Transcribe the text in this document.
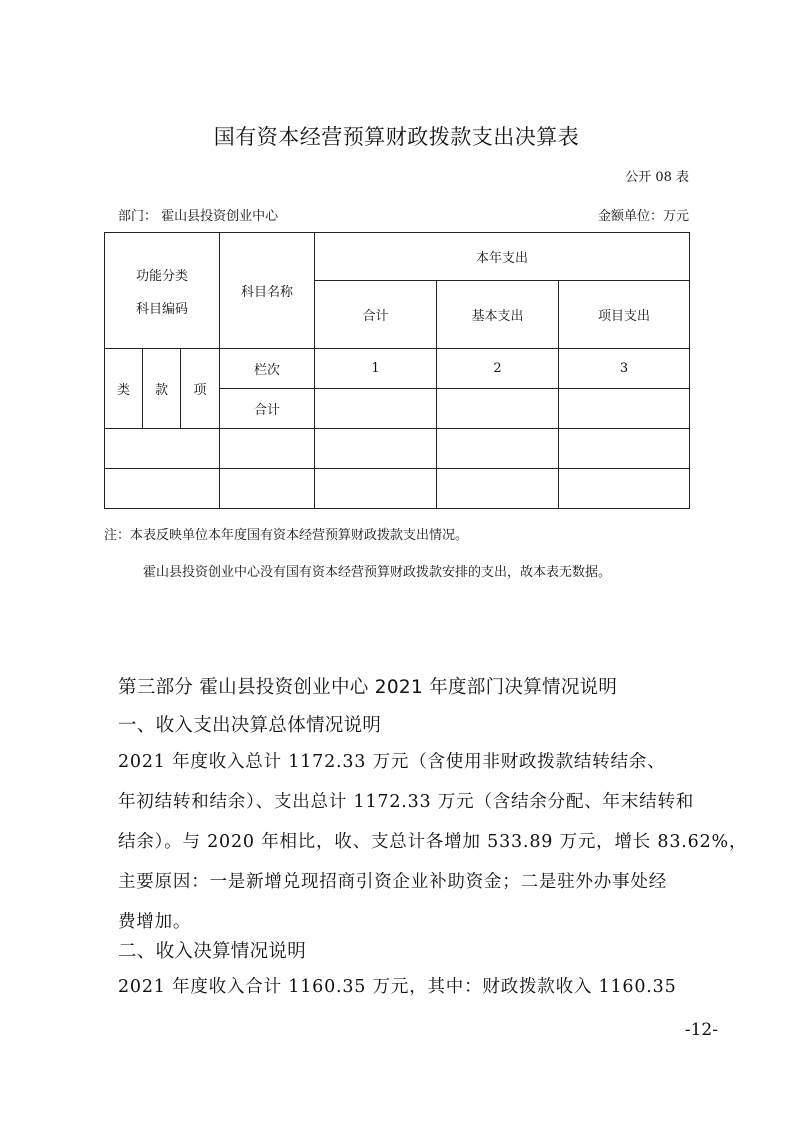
国有资本经营预算财政拨款支出决算表
公开 08 表
部门： 霍山县投资创业中心	金额单位：万元
功能分类
科目编码			科目名称	本年支出		
				合计	基本支出	项目支出
类	款	项	栏次	1	2	3
			合计			

注：本表反映单位本年度国有资本经营预算财政拨款支出情况。
霍山县投资创业中心没有国有资本经营预算财政拨款安排的支出，故本表无数据。
第三部分 霍山县投资创业中心 2021 年度部门决算情况说明
一、收入支出决算总体情况说明
2021 年度收入总计 1172.33 万元（含使用非财政拨款结转结余、
年初结转和结余）、支出总计 1172.33 万元（含结余分配、年末结转和
结余）。与 2020 年相比，收、支总计各增加 533.89 万元，增长 83.62%，
主要原因：一是新增兑现招商引资企业补助资金；二是驻外办事处经
费增加。
二、收入决算情况说明
2021 年度收入合计 1160.35 万元，其中：财政拨款收入 1160.35
-12-
